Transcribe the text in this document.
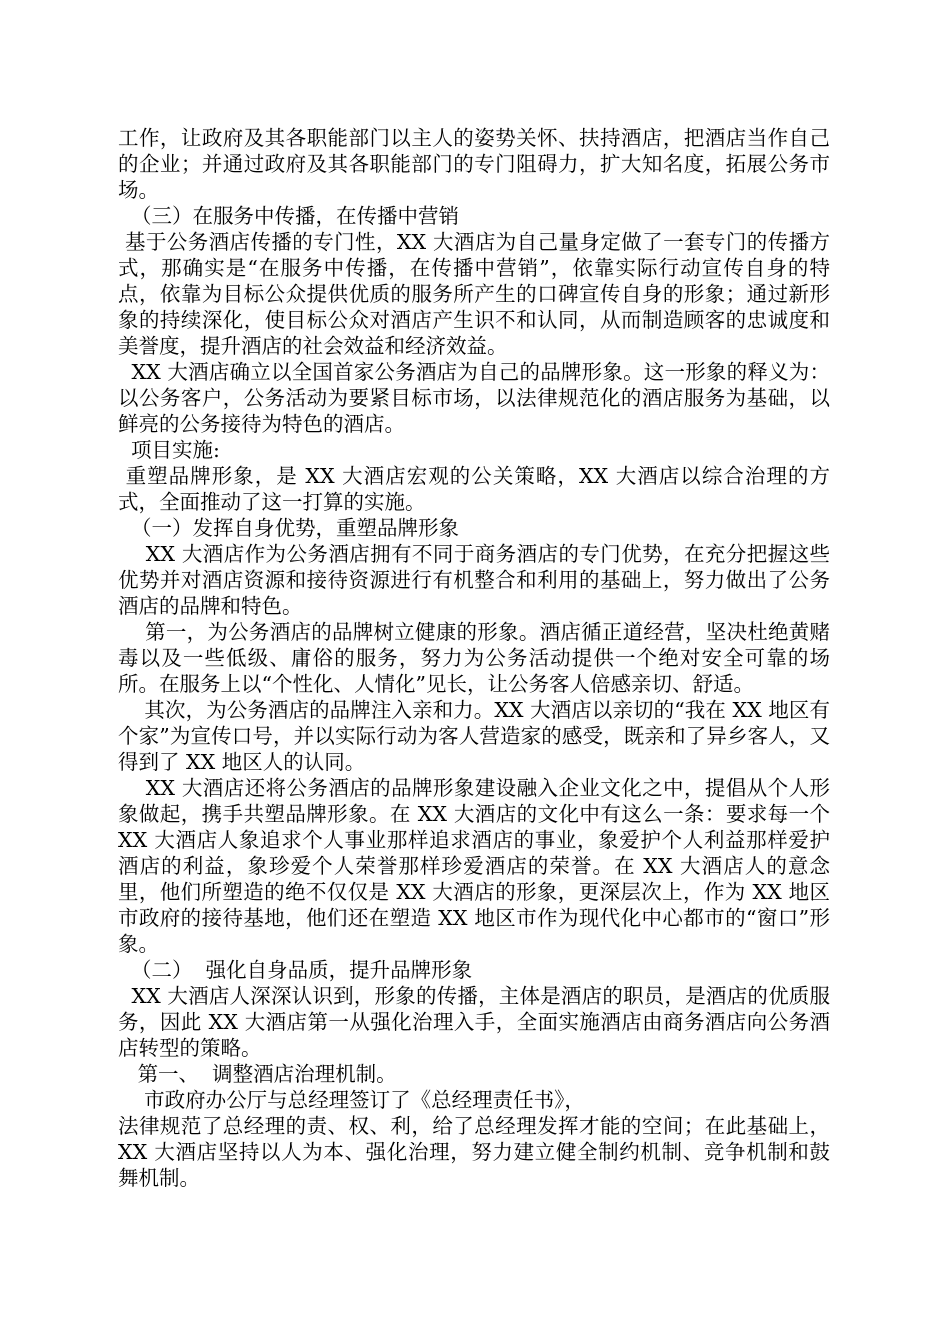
工作，让政府及其各职能部门以主人的姿势关怀、扶持酒店，把酒店当作自己的企业；并通过政府及其各职能部门的专门阻碍力，扩大知名度，拓展公务市场。

（三）在服务中传播，在传播中营销

基于公务酒店传播的专门性，XX 大酒店为自己量身定做了一套专门的传播方式，那确实是“在服务中传播，在传播中营销”，依靠实际行动宣传自身的特点，依靠为目标公众提供优质的服务所产生的口碑宣传自身的形象；通过新形象的持续深化，使目标公众对酒店产生识不和认同，从而制造顾客的忠诚度和美誉度，提升酒店的社会效益和经济效益。

XX 大酒店确立以全国首家公务酒店为自己的品牌形象。这一形象的释义为：以公务客户，公务活动为要紧目标市场，以法律规范化的酒店服务为基础，以鲜亮的公务接待为特色的酒店。

项目实施:

重塑品牌形象，是 XX 大酒店宏观的公关策略，XX 大酒店以综合治理的方式，全面推动了这一打算的实施。

（一）发挥自身优势，重塑品牌形象

XX 大酒店作为公务酒店拥有不同于商务酒店的专门优势，在充分把握这些优势并对酒店资源和接待资源进行有机整合和利用的基础上，努力做出了公务酒店的品牌和特色。

第一，为公务酒店的品牌树立健康的形象。酒店循正道经营，坚决杜绝黄赌毒以及一些低级、庸俗的服务，努力为公务活动提供一个绝对安全可靠的场所。在服务上以“个性化、人情化”见长，让公务客人倍感亲切、舒适。

其次，为公务酒店的品牌注入亲和力。XX 大酒店以亲切的“我在 XX 地区有个家”为宣传口号，并以实际行动为客人营造家的感受，既亲和了异乡客人，又得到了 XX 地区人的认同。

XX 大酒店还将公务酒店的品牌形象建设融入企业文化之中，提倡从个人形象做起，携手共塑品牌形象。在 XX 大酒店的文化中有这么一条：要求每一个 XX 大酒店人象追求个人事业那样追求酒店的事业，象爱护个人利益那样爱护酒店的利益，象珍爱个人荣誉那样珍爱酒店的荣誉。在 XX 大酒店人的意念里，他们所塑造的绝不仅仅是 XX 大酒店的形象，更深层次上，作为 XX 地区市政府的接待基地，他们还在塑造 XX 地区市作为现代化中心都市的“窗口”形象。

（二）  强化自身品质，提升品牌形象

XX 大酒店人深深认识到，形象的传播，主体是酒店的职员，是酒店的优质服务，因此 XX 大酒店第一从强化治理入手，全面实施酒店由商务酒店向公务酒店转型的策略。

第一、  调整酒店治理机制。

市政府办公厅与总经理签订了《总经理责任书》，

法律规范了总经理的责、权、利，给了总经理发挥才能的空间；在此基础上，XX 大酒店坚持以人为本、强化治理，努力建立健全制约机制、竞争机制和鼓舞机制。
